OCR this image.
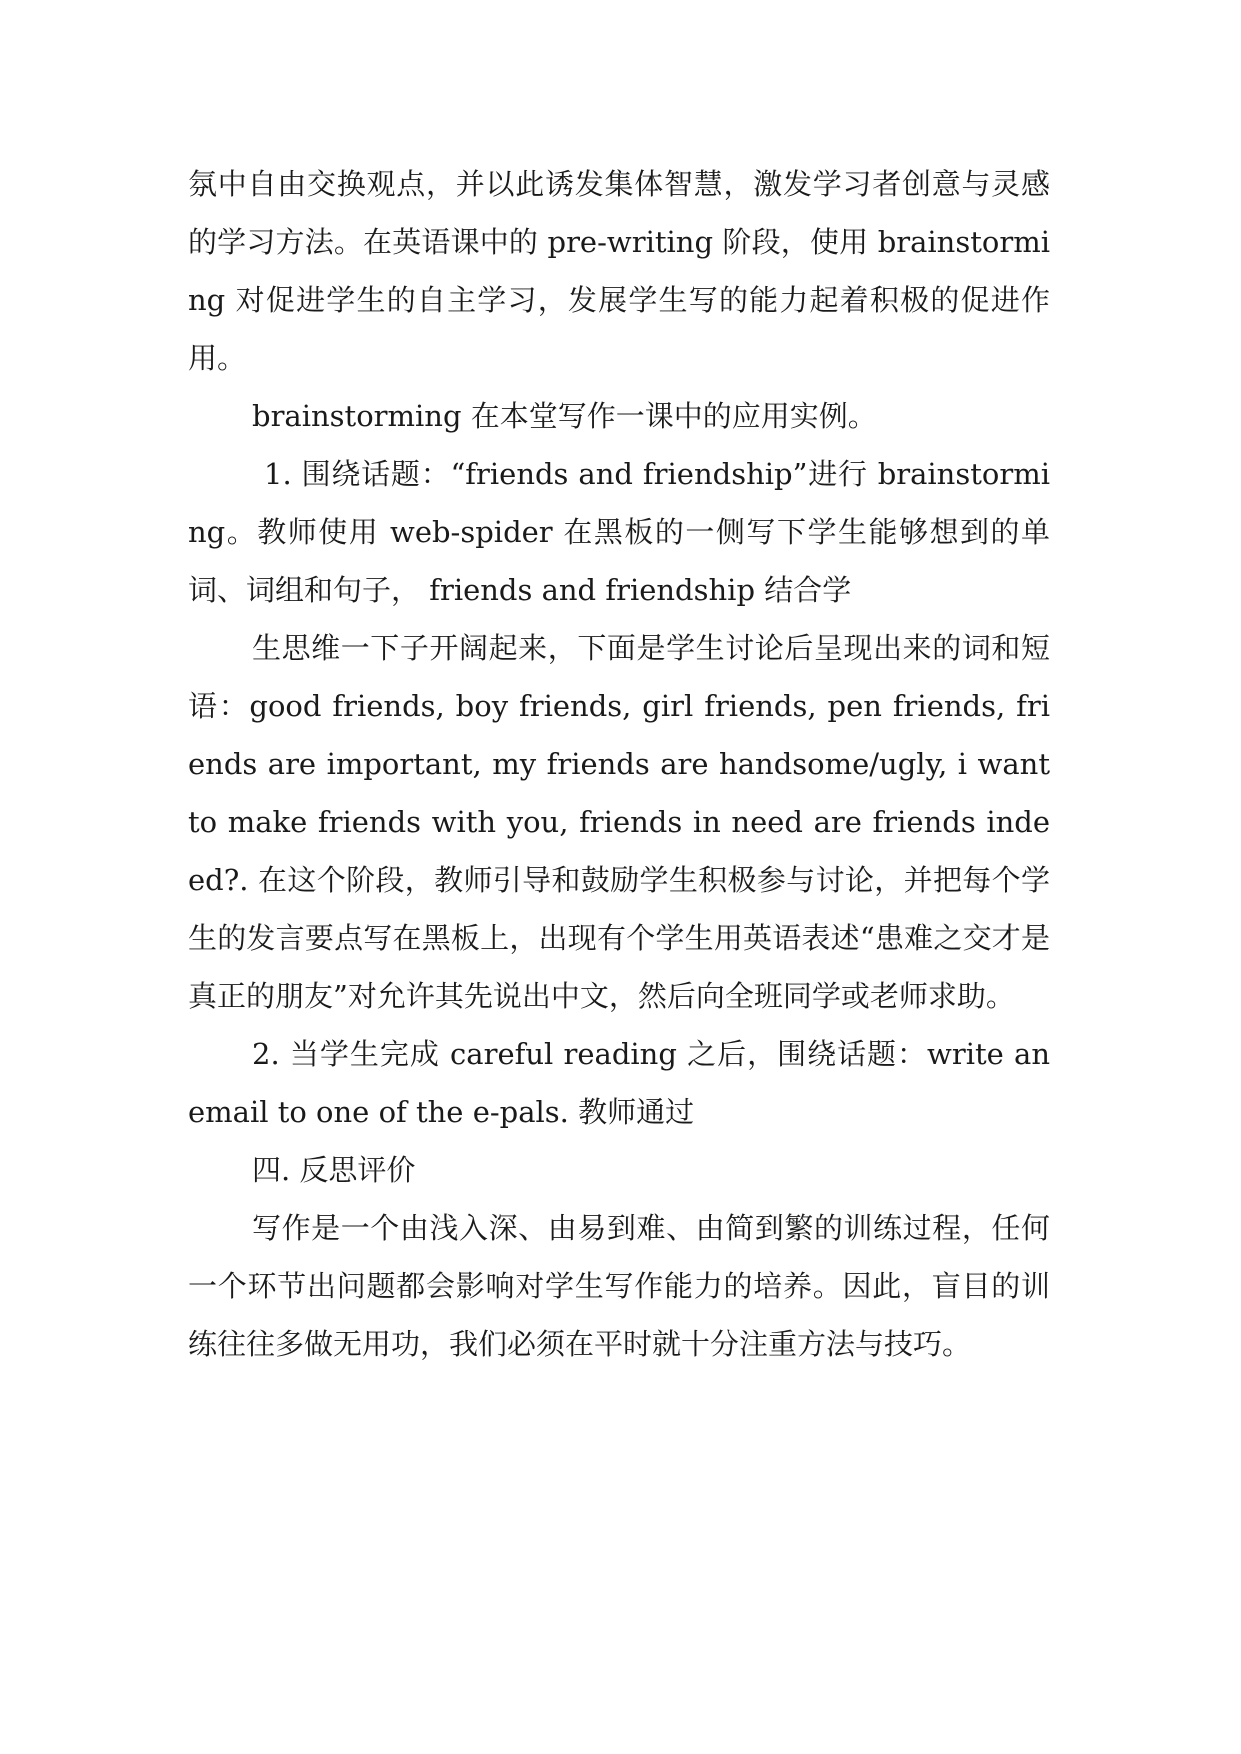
氛中自由交换观点，并以此诱发集体智慧，激发学习者创意与灵感的学习方法。在英语课中的 pre-writing 阶段，使用 brainstorming 对促进学生的自主学习，发展学生写的能力起着积极的促进作用。

brainstorming 在本堂写作一课中的应用实例。

1. 围绕话题：“friends and friendship”进行 brainstorming。教师使用 web-spider 在黑板的一侧写下学生能够想到的单词、词组和句子， friends and friendship 结合学

生思维一下子开阔起来，下面是学生讨论后呈现出来的词和短语：good friends, boy friends, girl friends, pen friends, friends are important, my friends are handsome/ugly, i want to make friends with you, friends in need are friends indeed?. 在这个阶段，教师引导和鼓励学生积极参与讨论，并把每个学生的发言要点写在黑板上，出现有个学生用英语表述“患难之交才是真正的朋友”对允许其先说出中文，然后向全班同学或老师求助。

2. 当学生完成 careful reading 之后，围绕话题：write an email to one of the e-pals. 教师通过

四. 反思评价

写作是一个由浅入深、由易到难、由简到繁的训练过程，任何一个环节出问题都会影响对学生写作能力的培养。因此，盲目的训练往往多做无用功，我们必须在平时就十分注重方法与技巧。
